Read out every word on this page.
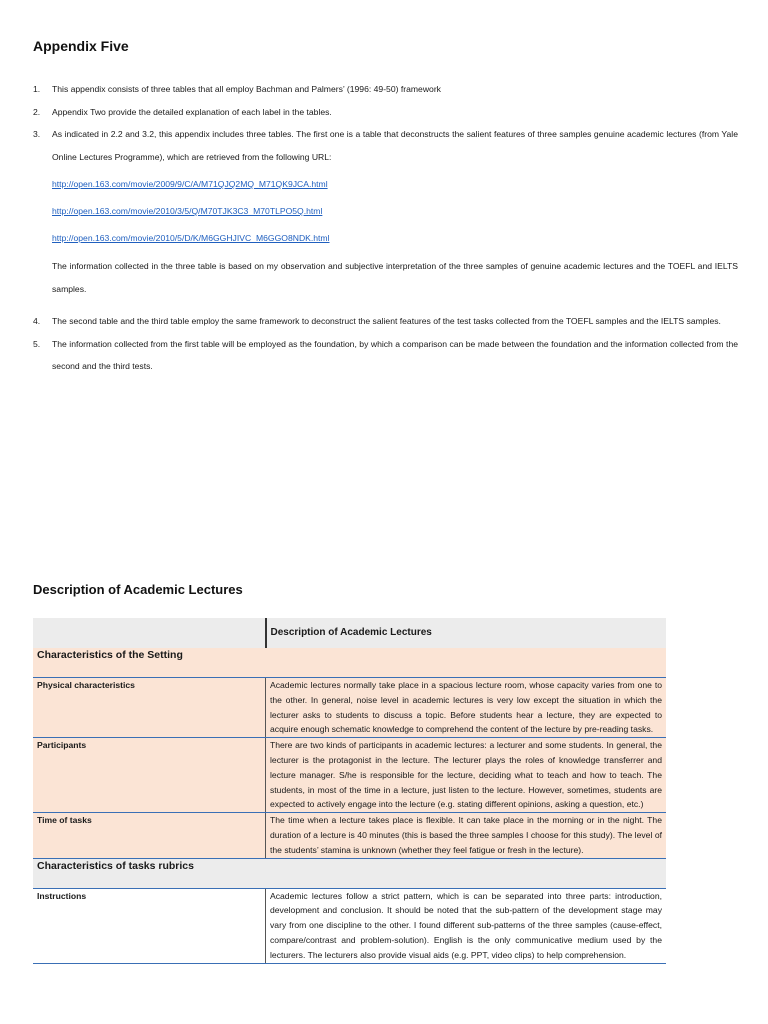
Appendix Five
1. This appendix consists of three tables that all employ Bachman and Palmers’ (1996: 49-50) framework
2. Appendix Two provide the detailed explanation of each label in the tables.
3. As indicated in 2.2 and 3.2, this appendix includes three tables. The first one is a table that deconstructs the salient features of three samples genuine academic lectures (from Yale Online Lectures Programme), which are retrieved from the following URL:
http://open.163.com/movie/2009/9/C/A/M71QJQ2MQ_M71QK9JCA.html
http://open.163.com/movie/2010/3/5/Q/M70TJK3C3_M70TLPO5Q.html
http://open.163.com/movie/2010/5/D/K/M6GGHJIVC_M6GGO8NDK.html
The information collected in the three table is based on my observation and subjective interpretation of the three samples of genuine academic lectures and the TOEFL and IELTS samples.
4. The second table and the third table employ the same framework to deconstruct the salient features of the test tasks collected from the TOEFL samples and the IELTS samples.
5. The information collected from the first table will be employed as the foundation, by which a comparison can be made between the foundation and the information collected from the second and the third tests.
Description of Academic Lectures
	Description of Academic Lectures
Characteristics of the Setting	
Physical characteristics	Academic lectures normally take place in a spacious lecture room, whose capacity varies from one to the other. In general, noise level in academic lectures is very low except the situation in which the lecturer asks to students to discuss a topic. Before students hear a lecture, they are expected to acquire enough schematic knowledge to comprehend the content of the lecture by pre-reading tasks.
Participants	There are two kinds of participants in academic lectures: a lecturer and some students. In general, the lecturer is the protagonist in the lecture. The lecturer plays the roles of knowledge transferrer and lecture manager. S/he is responsible for the lecture, deciding what to teach and how to teach. The students, in most of the time in a lecture, just listen to the lecture. However, sometimes, students are expected to actively engage into the lecture (e.g. stating different opinions, asking a question, etc.)
Time of tasks	The time when a lecture takes place is flexible. It can take place in the morning or in the night. The duration of a lecture is 40 minutes (this is based the three samples I choose for this study). The level of the students’ stamina is unknown (whether they feel fatigue or fresh in the lecture).
Characteristics of tasks rubrics	
Instructions	Academic lectures follow a strict pattern, which is can be separated into three parts: introduction, development and conclusion. It should be noted that the sub-pattern of the development stage may vary from one discipline to the other. I found different sub-patterns of the three samples (cause-effect, compare/contrast and problem-solution). English is the only communicative medium used by the lecturers. The lecturers also provide visual aids (e.g. PPT, video clips) to help comprehension.
